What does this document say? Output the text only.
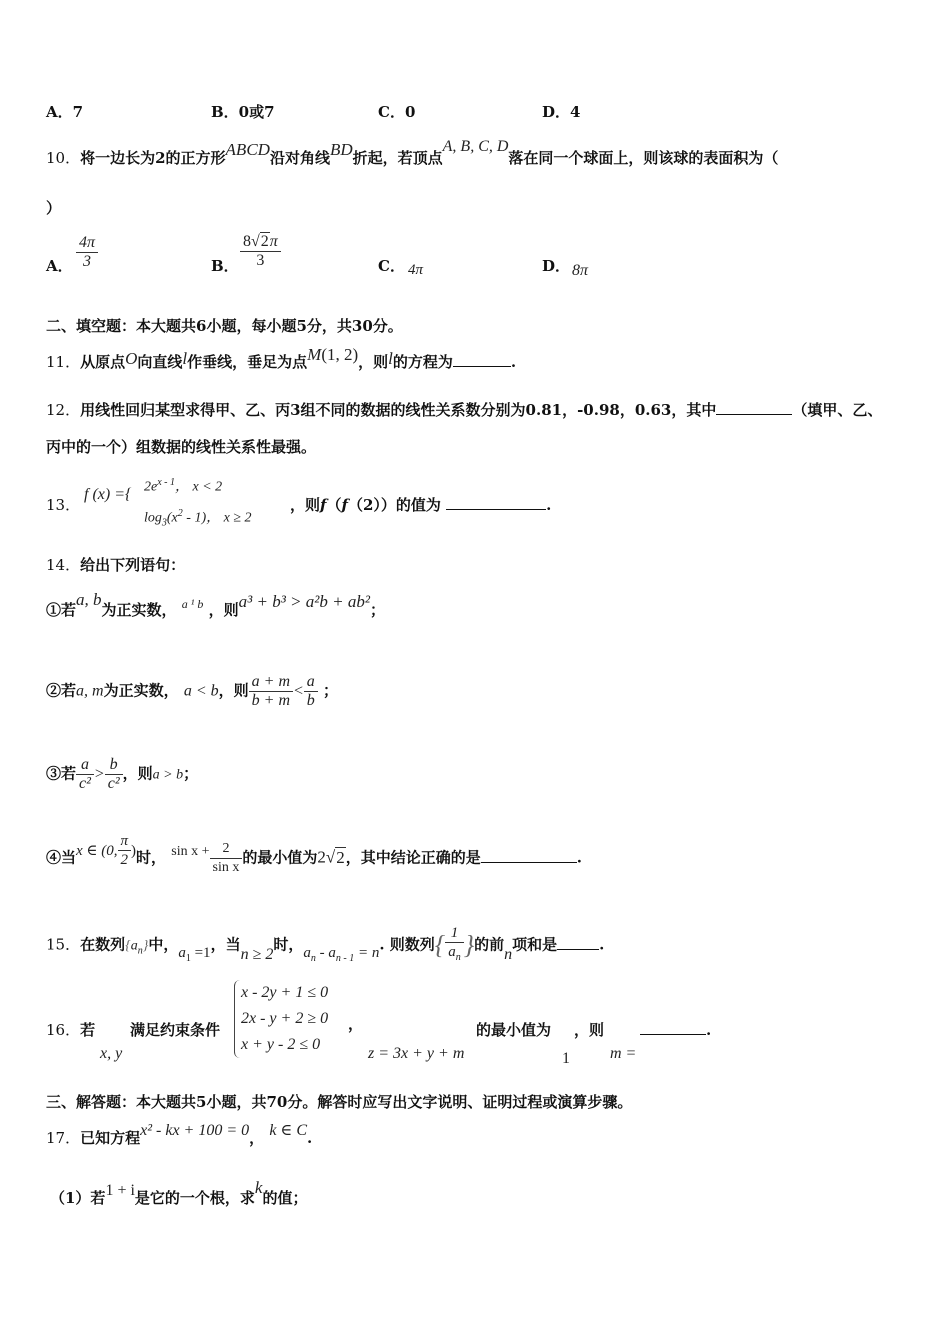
A．7	B．0或7	C．0	D．4
10．将一边长为2的正方形ABCD沿对角线BD折起，若顶点A, B, C, D落在同一个球面上，则该球的表面积为（
）
A． $\frac{4\pi}{3}$	B． $\frac{8√2\pi}{3}$	C． 4π	D． 8π
二、填空题：本大题共6小题，每小题5分，共30分。
11．从原点O向直线l作垂线，垂足为点M(1, 2)，则l的方程为	.
12．用线性回归某型求得甲、乙、丙3组不同的数据的线性关系数分别为0.81，-0.98，0.63，其中	（填甲、乙、
丙中的一个）组数据的线性关系性最强。
13．
f (x) ={ $2e^{x - 1}$， x < 2
$\log_3(x^2 - 1)$， x ≥ 2
，则f（f（2））的值为	.
14．给出下列语句：
①若a, b为正实数， $^{a ^1 b}$ ，则a³ + b³ > a²b + ab²；
②若a, m为正实数， a < b，则 $\frac{a + m}{b + m} < \frac{a}{b}$ ；
③若 $\frac{a}{\text{c²}} > \frac{b}{\text{c²}}$ ，则a > b；
④当x ∈ (0, $\frac{\pi}{2}$ )时， $\sin x + \frac{2}{\text{sin x}}$ 的最小值为2√2，其中结论正确的是	.
15．在数列$\{a_n\}$中，$a_1 =1$，当n ≥ 2时，$a_n - a_{n - 1} = n$. 则数列{ $\frac{1}{a_n}$ }的前n项和是	.
16．若
x, y
满足约束条件
x - 2y + 1 ≤ 0
2x - y + 2 ≥ 0
x + y - 2 ≤ 0
，
z = 3x + y + m
的最小值为
1
，则
m =
.
三、解答题：本大题共5小题，共70分。解答时应写出文字说明、证明过程或演算步骤。
17．已知方程x² - kx + 100 = 0， k ∈ C.
（1）若1 + i是它的一个根，求k的值；
